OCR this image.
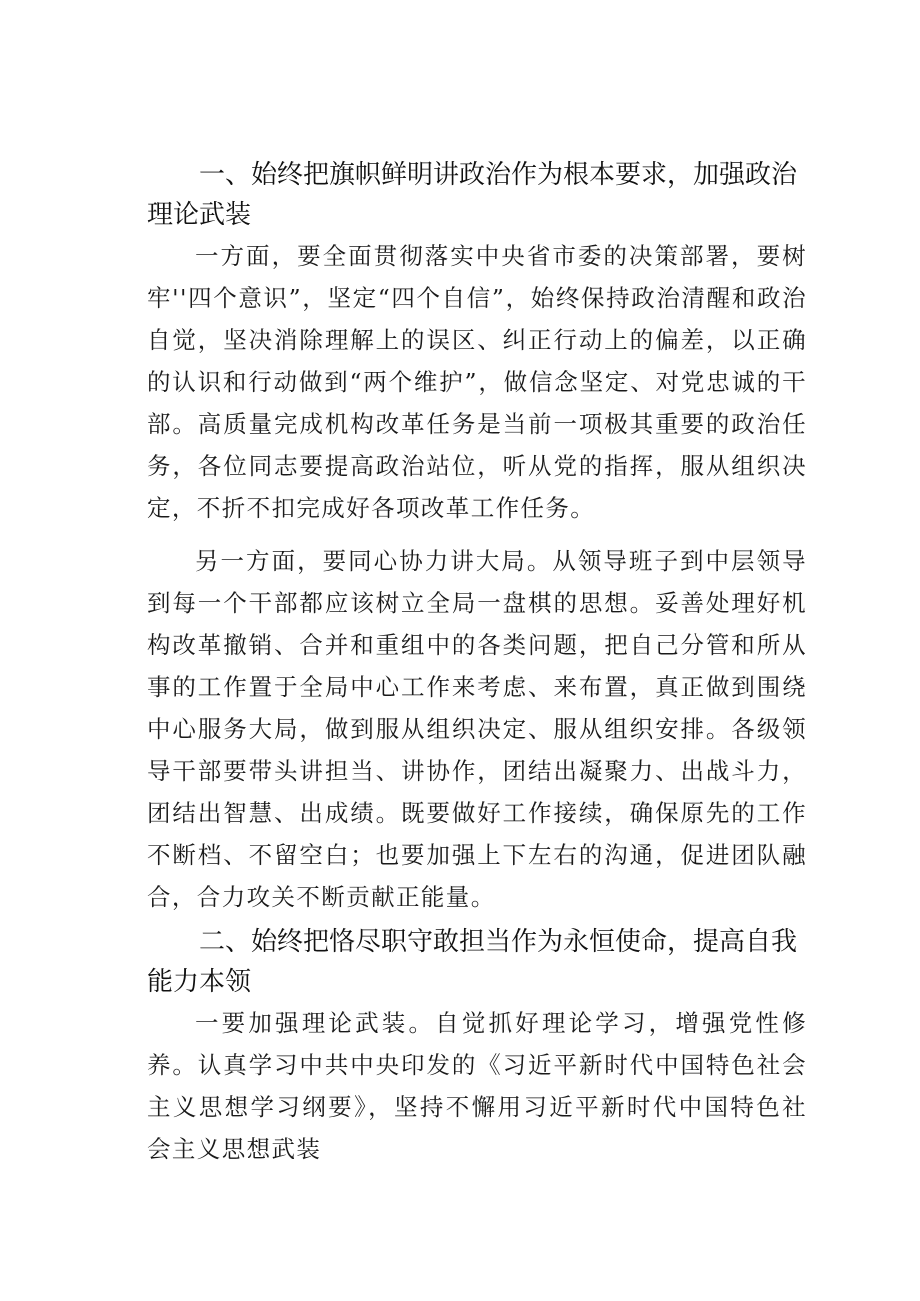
一、始终把旗帜鲜明讲政治作为根本要求，加强政治理论武装

一方面，要全面贯彻落实中央省市委的决策部署，要树牢''四个意识”，坚定“四个自信”，始终保持政治清醒和政治自觉，坚决消除理解上的误区、纠正行动上的偏差，以正确的认识和行动做到“两个维护”，做信念坚定、对党忠诚的干部。高质量完成机构改革任务是当前一项极其重要的政治任务，各位同志要提高政治站位，听从党的指挥，服从组织决定，不折不扣完成好各项改革工作任务。

另一方面，要同心协力讲大局。从领导班子到中层领导到每一个干部都应该树立全局一盘棋的思想。妥善处理好机构改革撤销、合并和重组中的各类问题，把自己分管和所从事的工作置于全局中心工作来考虑、来布置，真正做到围绕中心服务大局，做到服从组织决定、服从组织安排。各级领导干部要带头讲担当、讲协作，团结出凝聚力、出战斗力，团结出智慧、出成绩。既要做好工作接续，确保原先的工作不断档、不留空白；也要加强上下左右的沟通，促进团队融合，合力攻关不断贡献正能量。

二、始终把恪尽职守敢担当作为永恒使命，提高自我能力本领

一要加强理论武装。自觉抓好理论学习，增强党性修养。认真学习中共中央印发的《习近平新时代中国特色社会主义思想学习纲要》，坚持不懈用习近平新时代中国特色社会主义思想武装
